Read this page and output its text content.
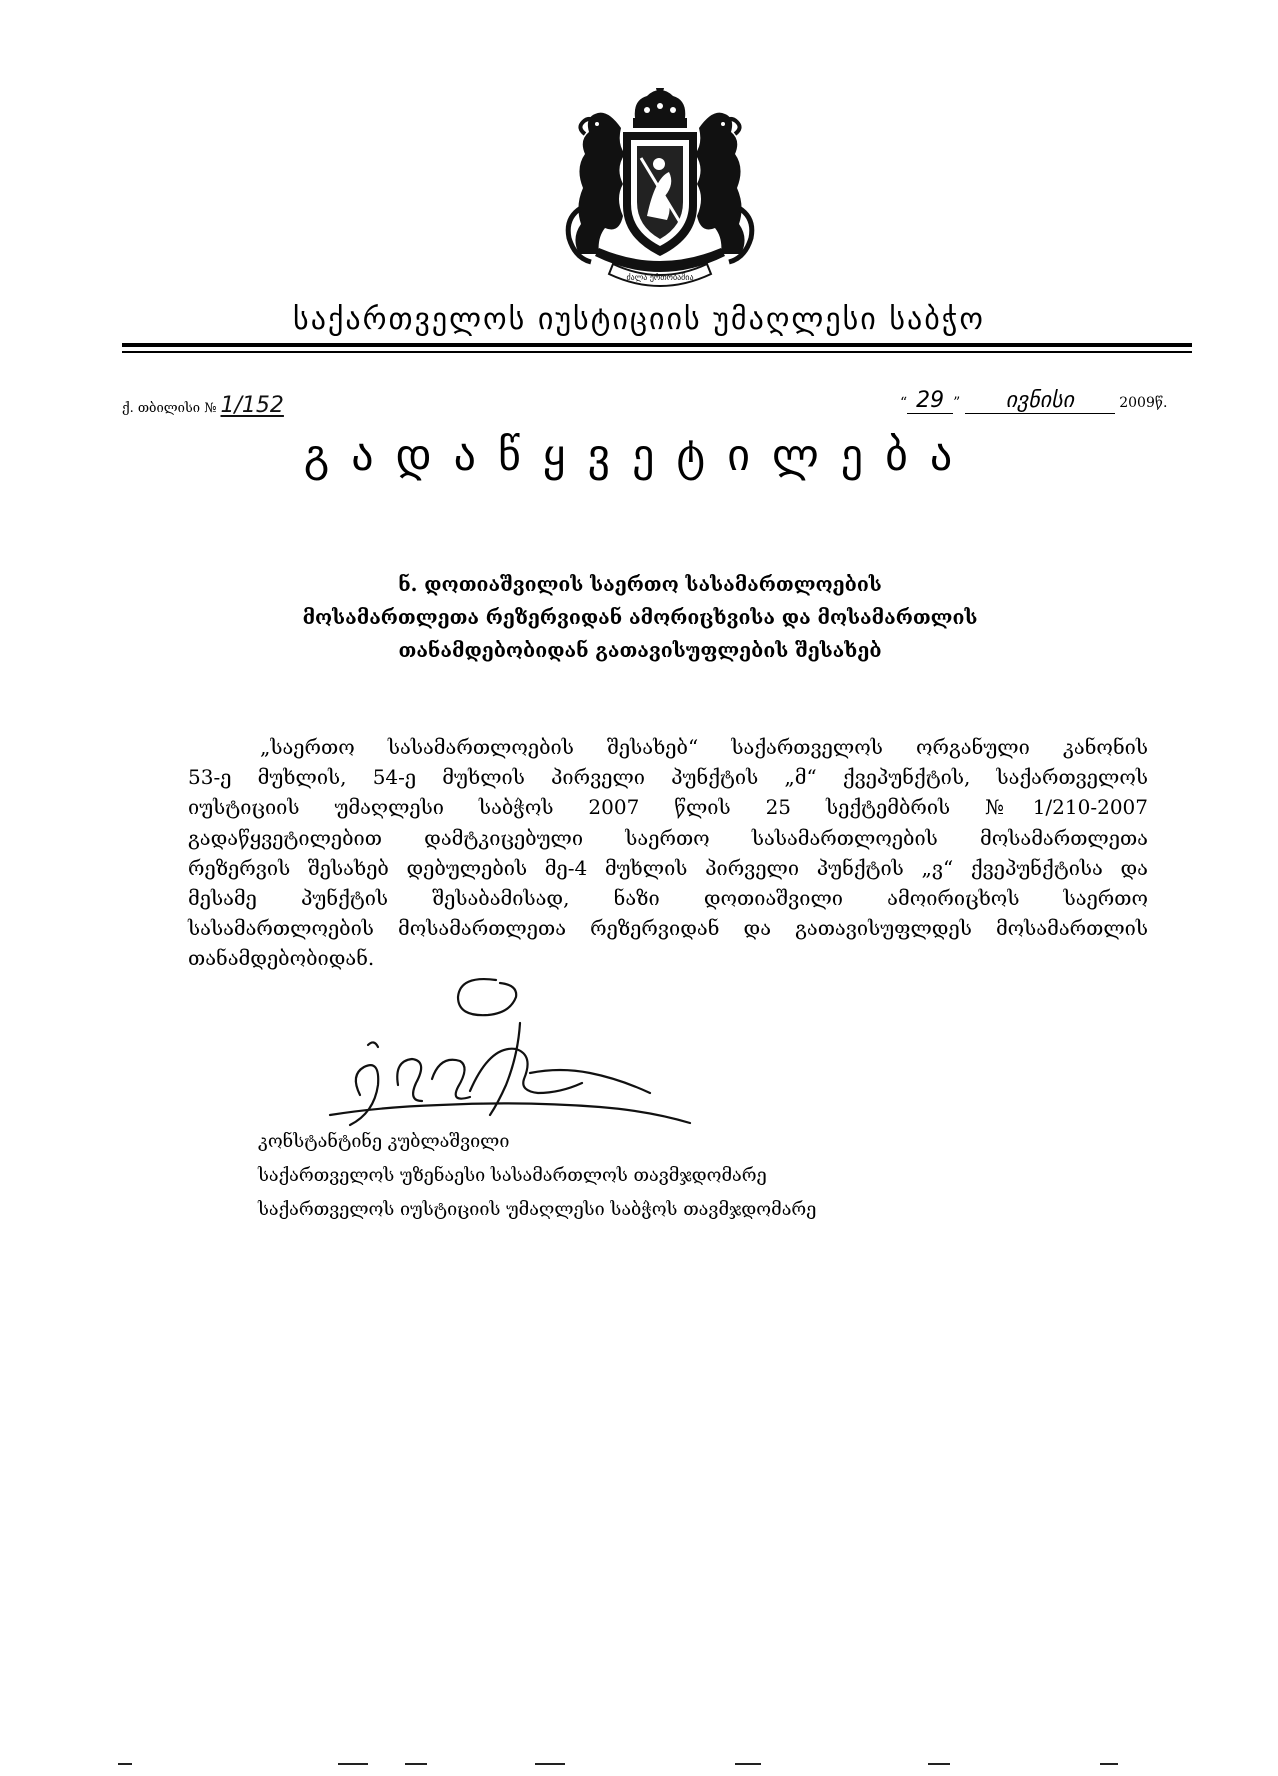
ძალა ერთობაშია
საქართველოს იუსტიციის უმაღლესი საბჭო
ქ. თბილისი № 1/152	“ 29 ” ივნისი	2009წ.
გადაწყვეტილება
ნ. დოთიაშვილის საერთო სასამართლოების
მოსამართლეთა რეზერვიდან ამორიცხვისა და მოსამართლის
თანამდებობიდან გათავისუფლების შესახებ
„საერთო სასამართლოების შესახებ“ საქართველოს ორგანული კანონის
53-ე მუხლის, 54-ე მუხლის პირველი პუნქტის „მ“ ქვეპუნქტის, საქართველოს
იუსტიციის უმაღლესი საბჭოს 2007 წლის 25 სექტემბრის №1/210-2007
გადაწყვეტილებით დამტკიცებული საერთო სასამართლოების მოსამართლეთა
რეზერვის შესახებ დებულების მე-4 მუხლის პირველი პუნქტის „ვ“ ქვეპუნქტისა და
მესამე პუნქტის შესაბამისად, ნაზი დოთიაშვილი ამოირიცხოს საერთო
სასამართლოების მოსამართლეთა რეზერვიდან და გათავისუფლდეს მოსამართლის
თანამდებობიდან.
კონსტანტინე კუბლაშვილი
საქართველოს უზენაესი სასამართლოს თავმჯდომარე
საქართველოს იუსტიციის უმაღლესი საბჭოს თავმჯდომარე
